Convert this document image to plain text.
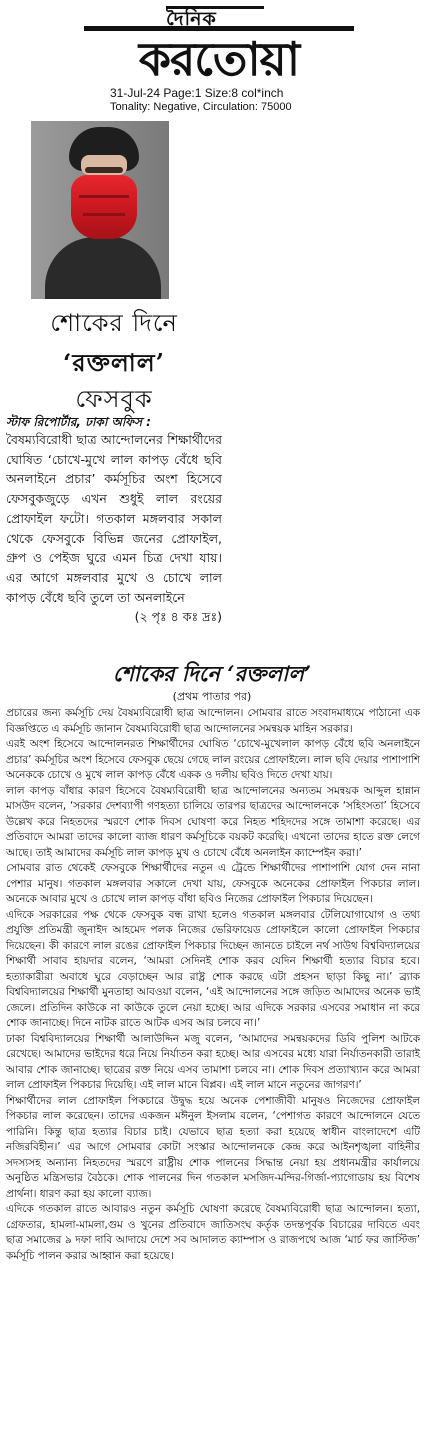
দৈনিক
করতোয়া
31-Jul-24 Page:1 Size:8 col*inch
Tonality: Negative, Circulation: 75000
শোকের দিনে
‘রক্তলাল’
ফেসবুক
স্টাফ রিপোর্টার, ঢাকা অফিস :
বৈষম্যবিরোধী ছাত্র আন্দোলনের শিক্ষার্থীদের ঘোষিত ‘চোখে-মুখে লাল কাপড় বেঁধে ছবি অনলাইনে প্রচার’ কর্মসূচির অংশ হিসেবে ফেসবুকজুড়ে এখন শুধুই লাল রংয়ের প্রোফাইল ফটো। গতকাল মঙ্গলবার সকাল থেকে ফেসবুকে বিভিন্ন জনের প্রোফাইল, গ্রুপ ও পেইজ ঘুরে এমন চিত্র দেখা যায়। এর আগে মঙ্গলবার মুখে ও চোখে লাল কাপড় বেঁধে ছবি তুলে তা অনলাইনে
(২ পৃঃ ৪ কঃ দ্রঃ)
শোকের দিনে ‘রক্তলাল’
(প্রথম পাতার পর)

প্রচারের জন্য কর্মসূচি দেয় বৈষম্যবিরোধী ছাত্র আন্দোলন। সোমবার রাতে সংবাদমাধ্যমে পাঠানো এক বিজ্ঞপ্তিতে এ কর্মসূচি জানান বৈষম্যবিরোধী ছাত্র আন্দোলনের সমন্বয়ক মাহিন সরকার।

এরই অংশ হিসেবে আন্দোলনরত শিক্ষার্থীদের ঘোষিত ‘চোখে-মুখেলাল কাপড় বেঁধে ছবি অনলাইনে প্রচার’ কর্মসূচির অংশ হিসেবে ফেসবুক ছেয়ে গেছে লাল রংয়ের প্রোফাইলে। লাল ছবি দেয়ার পাশাপাশি অনেককে চোখে ও মুখে লাল কাপড় বেঁধে একক ও দলীয় ছবিও দিতে দেখা যায়।

লাল কাপড় বাঁধার কারণ হিসেবে বৈষম্যবিরোধী ছাত্র আন্দোলনের অন্যতম সমন্বয়ক আব্দুল হান্নান মাসউদ বলেন, ‘সরকার দেশব্যাপী গণহত্যা চালিয়ে তারপর ছাত্রদের আন্দোলনকে ‘সহিংসতা’ হিসেবে উল্লেখ করে নিহতদের স্মরণে শোক দিবস ঘোষণা করে নিহত শহিদদের সঙ্গে তামাশা করেছে। এর প্রতিবাদে আমরা তাদের কালো ব্যাজ ধারণ কর্মসূচিকে বয়কট করেছি। এখনো তাদের হাতে রক্ত লেগে আছে। তাই আমাদের কর্মসূচি লাল কাপড় মুখ ও চোখে বেঁধে অনলাইন ক্যাম্পেইন করা।’

সোমবার রাত থেকেই ফেসবুকে শিক্ষার্থীদের নতুন এ ট্রেন্ডে শিক্ষার্থীদের পাশাপাশি যোগ দেন নানা পেশার মানুষ। গতকাল মঙ্গলবার সকালে দেখা যায়, ফেসবুকে অনেকের প্রোফাইল পিকচার লাল। অনেকে আবার মুখে ও চোখে লাল কাপড় বাঁধা ছবিও নিজের প্রোফাইল পিকচার দিয়েছেন।

এদিকে সরকারের পক্ষ থেকে ফেসবুক বন্ধ রাখা হলেও গতকাল মঙ্গলবার টেলিযোগাযোগ ও তথ্য প্রযুক্তি প্রতিমন্ত্রী জুনাইদ আহমেদ পলক নিজের ভেরিফায়েড প্রোফাইলে কালো প্রোফাইল পিকচার দিয়েছেন। কী কারণে লাল রঙের প্রোফাইল পিকচার দিচ্ছেন জানতে চাইলে নর্থ সাউথ বিশ্ববিদ্যালয়ের শিক্ষার্থী সাবাব হায়দার বলেন, ‘আমরা সেদিনই শোক করব যেদিন শিক্ষার্থী হত্যার বিচার হবে। হত্যাকারীরা অবাধে ঘুরে বেড়াচ্ছেন আর রাষ্ট্র শোক করছে এটা প্রহসন ছাড়া কিছু না।’ ব্র্যাক বিশ্ববিদ্যালয়ের শিক্ষার্থী মুনতাহা আবওয়া বলেন, ‘এই আন্দোলনের সঙ্গে জড়িত আমাদের অনেক ভাই জেলে। প্রতিদিন কাউকে না কাউকে তুলে নেয়া হচ্ছে। আর এদিকে সরকার এসবের সমাধান না করে শোক জানাচ্ছে। দিনে নাটক রাতে আটক এসব আর চলবে না।’

ঢাকা বিশ্ববিদ্যালয়ের শিক্ষার্থী আলাউদ্দিন মজু বলেন, ‘আমাদের সমন্বয়কদের ডিবি পুলিশ আটকে রেখেছে। আমাদের ভাইদের ধরে নিয়ে নির্যাতন করা হচ্ছে। আর এসবের মধ্যে যারা নির্যাতনকারী তারাই আবার শোক জানাচ্ছে। ছাত্রের রক্ত নিয়ে এসব তামাশা চলবে না। শোক দিবস প্রত্যাখ্যান করে আমরা লাল প্রোফাইল পিকচার দিয়েছি। এই লাল মানে বিপ্লব। এই লাল মানে নতুনের জাগরণ।’

শিক্ষার্থীদের লাল প্রোফাইল পিকচারে উদ্বুদ্ধ হয়ে অনেক পেশাজীবী মানুষও নিজেদের প্রোফাইল পিকচার লাল করেছেন। তাদের একজন মঈনুল ইসলাম বলেন, ‘পেশাগত কারণে আন্দোলনে যেতে পারিনি। কিন্তু ছাত্র হত্যার বিচার চাই। যেভাবে ছাত্র হত্যা করা হয়েছে স্বাধীন বাংলাদেশে এটি নজিরবিহীন।’ এর আগে সোমবার কোটা সংস্কার আন্দোলনকে কেন্দ্র করে আইনশৃঙ্খলা বাহিনীর সদস্যসহ অন্যান্য নিহতদের স্মরণে রাষ্ট্রীয় শোক পালনের সিদ্ধান্ত নেয়া হয় প্রধানমন্ত্রীর কার্যালয়ে অনুষ্ঠিত মন্ত্রিসভার বৈঠকে। শোক পালনের দিন গতকাল মসজিদ-মন্দির-গির্জা-প্যাগোডায় হয় বিশেষ প্রার্থনা। ধারণ করা হয় কালো ব্যাজ।

এদিকে গতকাল রাতে আবারও নতুন কর্মসূচি ঘোষণা করেছে বৈষম্যবিরোধী ছাত্র আন্দোলন। হত্যা, গ্রেফতার, হামলা-মামলা,গুম ও খুনের প্রতিবাদে জাতিসংঘ কর্তৃক তদন্তপূর্বক বিচারের দাবিতে এবং ছাত্র সমাজের ৯ দফা দাবি আদায়ে দেশে সব আদালত ক্যাম্পাস ও রাজপথে আজ ‘মার্চ ফর জাস্টিজ’ কর্মসূচি পালন করার আহ্বান করা হয়েছে।
